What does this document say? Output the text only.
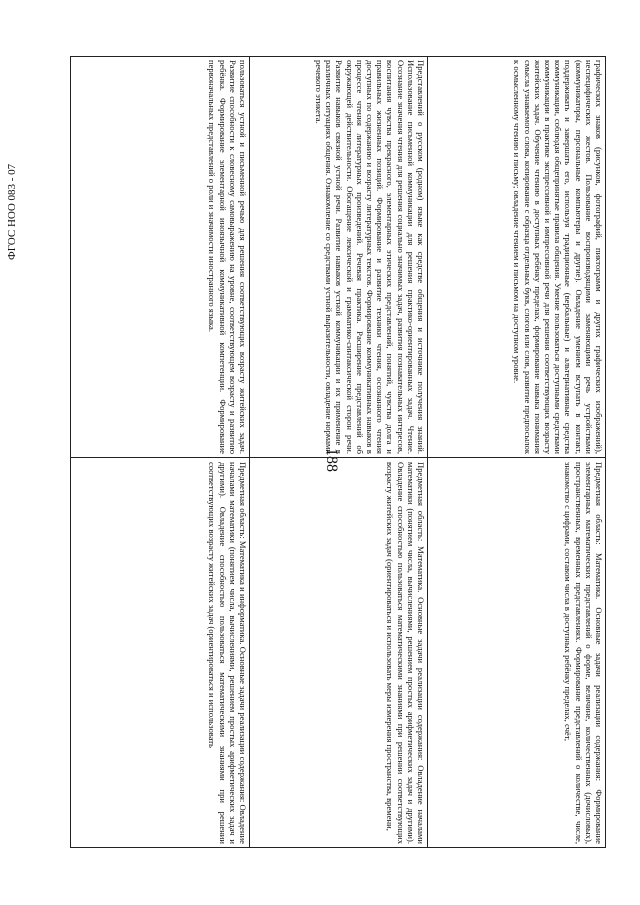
ФГОС НОО 083 - 07
188

пользоваться устной и письменной речью для решения соответствующих возрасту житейских задач. Развитие способности к словесному самовыражению на уровне, соответствующем возрасту и развитию ребёнка. Формирование элементарной иноязычной коммуникативной компетенции. Формирование первоначальных представлений о роли и значимости иностранного языка.	Представлений о русском (родном) языке как средстве общения и источнике получения знаний. Использование письменной коммуникации для решения практико-ориентированных задач. Чтение. Осознание значения чтения для решения социально значимых задач, развития познавательных интересов, воспитания чувства прекрасного, элементарных этических представлений, понятий, чувства долга и правильных жизненных позиций. Формирование и развитие техники чтения, осознанного чтения доступных по содержанию и возрасту литературных текстов. Формирование коммуникативных навыков в процессе чтения литературных произведений. Речевая практика. Расширение представлений об окружающей действительности. Обогащение лексической и грамматико-синтаксической сторон речи. Развитие навыков связной устной речи. Развитие навыков устной коммуникации и их применение в различных ситуациях общения. Ознакомление со средствами устной выразительности, овладение нормами речевого этикета.	графических знаков (рисунков, фотографий, пиктограмм и других графических изображений), неспецифических жестов. Пользование воспроизводящими заменяющими речь устройствами (коммуникаторы, персональные компьютеры и другие). Овладение умением вступать в контакт, поддерживать и завершать его, используя традиционные (вербальные) и альтернативные средства коммуникации, соблюдая общепринятые правила общения. Умение пользоваться доступными средствами коммуникации в практике экспрессивной и импрессивной речи для решения соответствующих возрасту житейских задач. Обучение чтению в доступных ребёнку пределах, формирование навыка понимания смысла узнаваемого слова, копирование с образца отдельных букв, слогов или слов, развитие предпосылок к осмысленному чтению и письму; овладение чтением и письмом на доступном уровне.

Предметная область: Математика и информатика. Основные задачи реализации содержания: Овладение началами математики (понятием числа, вычислениями, решением простых арифметических задач и другими). Овладение способностью пользоваться математическими знаниями при решении соответствующих возрасту житейских задач (ориентироваться и использовать	Предметная область: Математика. Основные задачи реализации содержания: Овладение началами математики (понятием числа, вычислениями, решением простых арифметических задач и другими). Овладение способностью пользоваться математическими знаниями при решении соответствующих возрасту житейских задач (ориентироваться и использовать меры измерения пространства, времени,	Предметная область: Математика. Основные задачи реализации содержания: Формирование элементарных математических представлений о форме, величине, количественных (дочисловых), пространственных, временных представлениях. Формирование представлений о количестве, числе, знакомство с цифрами, составом числа в доступных ребёнку пределах, счёт,
